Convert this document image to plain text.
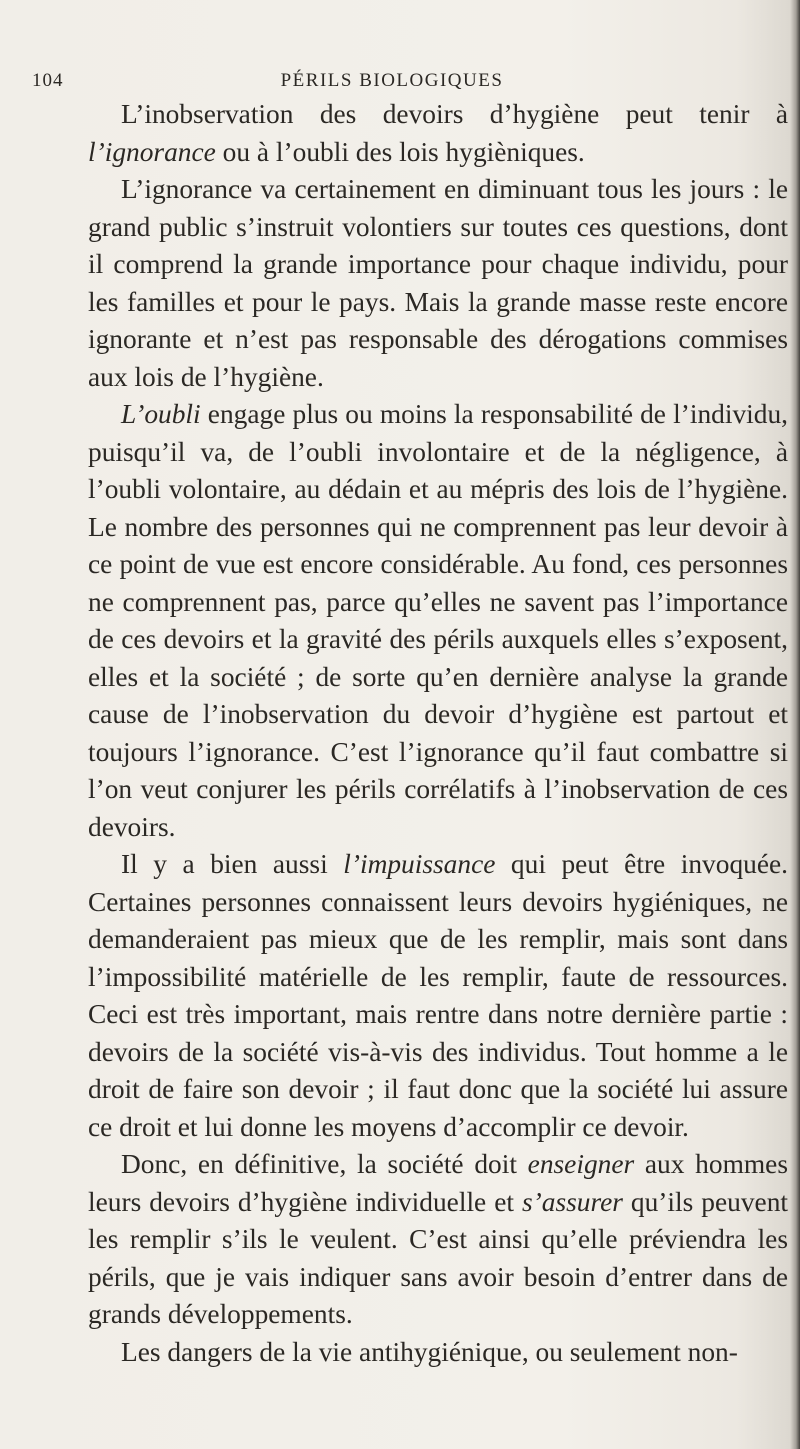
104	PÉRILS BIOLOGIQUES

L’inobservation des devoirs d’hygiène peut tenir à l’ignorance ou à l’oubli des lois hygièniques.

L’ignorance va certainement en diminuant tous les jours : le grand public s’instruit volontiers sur toutes ces questions, dont il comprend la grande importance pour chaque individu, pour les familles et pour le pays. Mais la grande masse reste encore ignorante et n’est pas responsable des dérogations commises aux lois de l’hygiène.

L’oubli engage plus ou moins la responsabilité de l’individu, puisqu’il va, de l’oubli involontaire et de la négligence, à l’oubli volontaire, au dédain et au mépris des lois de l’hygiène. Le nombre des personnes qui ne comprennent pas leur devoir à ce point de vue est encore considérable. Au fond, ces personnes ne comprennent pas, parce qu’elles ne savent pas l’importance de ces devoirs et la gravité des périls auxquels elles s’exposent, elles et la société ; de sorte qu’en dernière analyse la grande cause de l’inobservation du devoir d’hygiène est partout et toujours l’ignorance. C’est l’ignorance qu’il faut combattre si l’on veut conjurer les périls corrélatifs à l’inobservation de ces devoirs.

Il y a bien aussi l’impuissance qui peut être invoquée. Certaines personnes connaissent leurs devoirs hygiéniques, ne demanderaient pas mieux que de les remplir, mais sont dans l’impossibilité matérielle de les remplir, faute de ressources. Ceci est très important, mais rentre dans notre dernière partie : devoirs de la société vis-à-vis des individus. Tout homme a le droit de faire son devoir ; il faut donc que la société lui assure ce droit et lui donne les moyens d’accomplir ce devoir.

Donc, en définitive, la société doit enseigner aux hommes leurs devoirs d’hygiène individuelle et s’assurer qu’ils peuvent les remplir s’ils le veulent. C’est ainsi qu’elle préviendra les périls, que je vais indiquer sans avoir besoin d’entrer dans de grands développements.

Les dangers de la vie antihygiénique, ou seulement non-
